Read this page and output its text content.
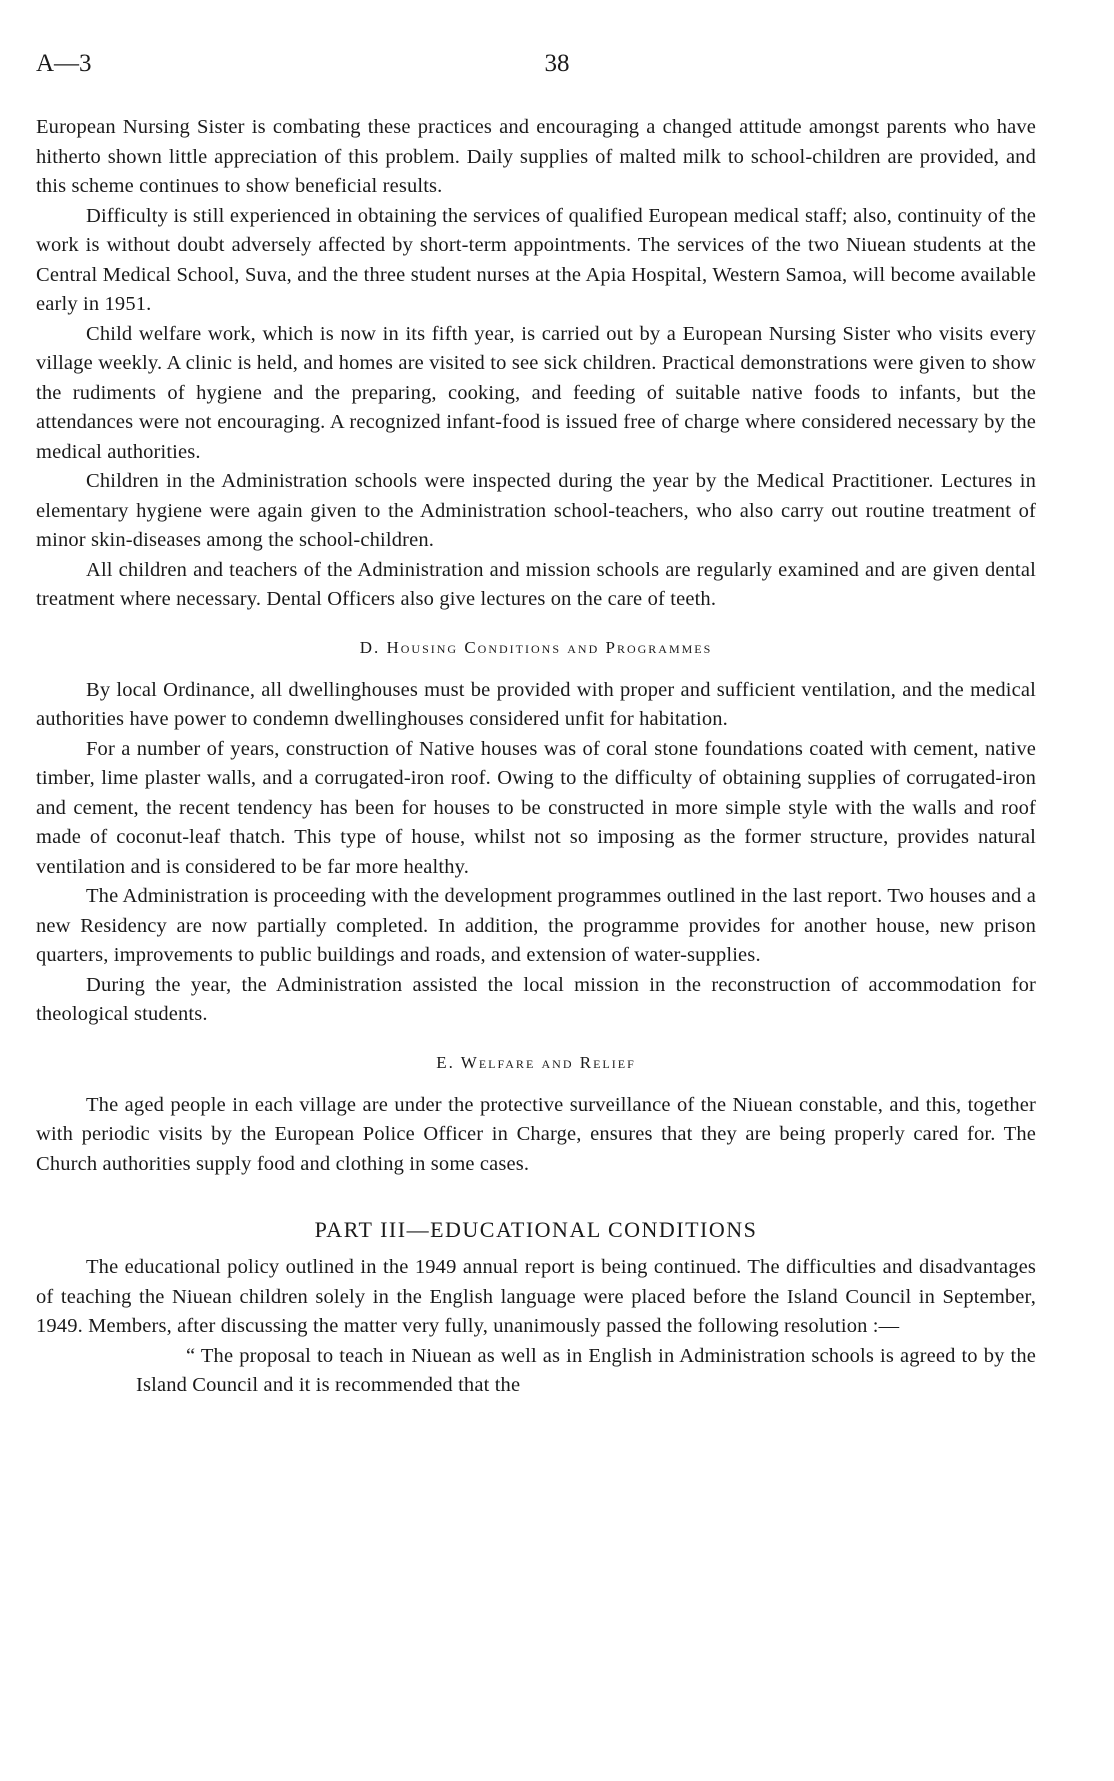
A—3	38

European Nursing Sister is combating these practices and encouraging a changed attitude amongst parents who have hitherto shown little appreciation of this problem. Daily supplies of malted milk to school-children are provided, and this scheme continues to show beneficial results.

Difficulty is still experienced in obtaining the services of qualified European medical staff; also, continuity of the work is without doubt adversely affected by short-term appointments. The services of the two Niuean students at the Central Medical School, Suva, and the three student nurses at the Apia Hospital, Western Samoa, will become available early in 1951.

Child welfare work, which is now in its fifth year, is carried out by a European Nursing Sister who visits every village weekly. A clinic is held, and homes are visited to see sick children. Practical demonstrations were given to show the rudiments of hygiene and the preparing, cooking, and feeding of suitable native foods to infants, but the attendances were not encouraging. A recognized infant-food is issued free of charge where considered necessary by the medical authorities.

Children in the Administration schools were inspected during the year by the Medical Practitioner. Lectures in elementary hygiene were again given to the Administration school-teachers, who also carry out routine treatment of minor skin-diseases among the school-children.

All children and teachers of the Administration and mission schools are regularly examined and are given dental treatment where necessary. Dental Officers also give lectures on the care of teeth.

D. Housing Conditions and Programmes

By local Ordinance, all dwellinghouses must be provided with proper and sufficient ventilation, and the medical authorities have power to condemn dwellinghouses considered unfit for habitation.

For a number of years, construction of Native houses was of coral stone foundations coated with cement, native timber, lime plaster walls, and a corrugated-iron roof. Owing to the difficulty of obtaining supplies of corrugated-iron and cement, the recent tendency has been for houses to be constructed in more simple style with the walls and roof made of coconut-leaf thatch. This type of house, whilst not so imposing as the former structure, provides natural ventilation and is considered to be far more healthy.

The Administration is proceeding with the development programmes outlined in the last report. Two houses and a new Residency are now partially completed. In addition, the programme provides for another house, new prison quarters, improvements to public buildings and roads, and extension of water-supplies.

During the year, the Administration assisted the local mission in the reconstruction of accommodation for theological students.

E. Welfare and Relief

The aged people in each village are under the protective surveillance of the Niuean constable, and this, together with periodic visits by the European Police Officer in Charge, ensures that they are being properly cared for. The Church authorities supply food and clothing in some cases.

PART III—EDUCATIONAL CONDITIONS

The educational policy outlined in the 1949 annual report is being continued. The difficulties and disadvantages of teaching the Niuean children solely in the English language were placed before the Island Council in September, 1949. Members, after discussing the matter very fully, unanimously passed the following resolution :—

“ The proposal to teach in Niuean as well as in English in Administration schools is agreed to by the Island Council and it is recommended that the
